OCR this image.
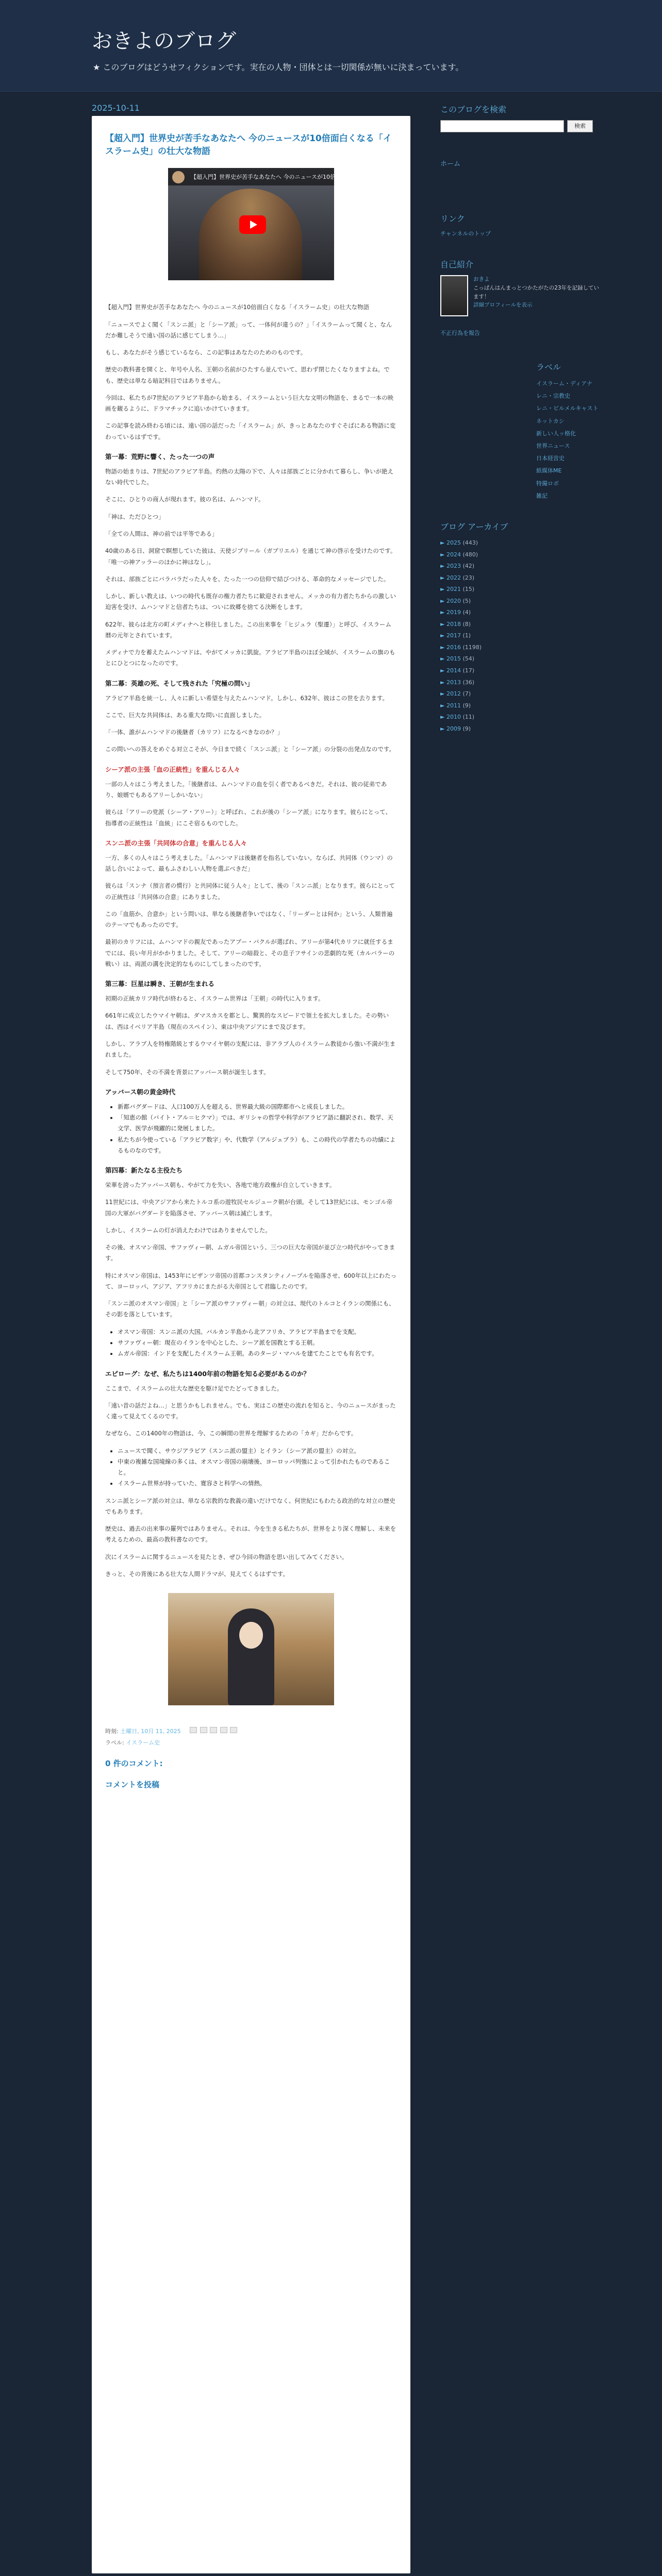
おきよのブログ
★ このブログはどうせフィクションです。実在の人物・団体とは一切関係が無いに決まっています。
2025-10-11
【超入門】世界史が苦手なあなたへ 今のニュースが10倍面白くなる「イスラーム史」の壮大な物語
【超入門】世界史が苦手なあなたへ 今のニュースが10倍面白くなる「イスラーム...

【超入門】世界史が苦手なあなたへ 今のニュースが10倍面白くなる「イスラーム史」の壮大な物語

「ニュースでよく聞く「スンニ派」と「シーア派」って、一体何が違うの？」「イスラームって聞くと、なんだか難しそうで遠い国の話に感じてしまう…」

もし、あなたがそう感じているなら、この記事はあなたのためのものです。

歴史の教科書を開くと、年号や人名、王朝の名前がひたすら並んでいて、思わず閉じたくなりますよね。でも、歴史は単なる暗記科目ではありません。

今回は、私たちが7世紀のアラビア半島から始まる、イスラームという巨大な文明の物語を、まるで一本の映画を観るように、ドラマチックに追いかけていきます。

この記事を読み終わる頃には、遠い国の話だった「イスラーム」が、きっとあなたのすぐそばにある物語に変わっているはずです。

第一幕：荒野に響く、たった一つの声

物語の始まりは、7世紀のアラビア半島。灼熱の太陽の下で、人々は部族ごとに分かれて暮らし、争いが絶えない時代でした。

そこに、ひとりの商人が現れます。彼の名は、ムハンマド。

「神は、ただひとつ」

「全ての人間は、神の前では平等である」

40歳のある日、洞窟で瞑想していた彼は、天使ジブリール（ガブリエル）を通じて神の啓示を受けたのです。「唯一の神アッラーのほかに神はなし」。

それは、部族ごとにバラバラだった人々を、たった一つの信仰で結びつける、革命的なメッセージでした。

しかし、新しい教えは、いつの時代も既存の権力者たちに歓迎されません。メッカの有力者たちからの激しい迫害を受け、ムハンマドと信者たちは、ついに故郷を捨てる決断をします。

622年、彼らは北方の町メディナへと移住しました。この出来事を「ヒジュラ（聖遷）」と呼び、イスラーム暦の元年とされています。

メディナで力を蓄えたムハンマドは、やがてメッカに凱旋。アラビア半島のほぼ全域が、イスラームの旗のもとにひとつになったのです。

第二幕：英雄の死、そして残された「究極の問い」

アラビア半島を統一し、人々に新しい希望を与えたムハンマド。しかし、632年、彼はこの世を去ります。

ここで、巨大な共同体は、ある重大な問いに直面しました。

「一体、誰がムハンマドの後継者（カリフ）になるべきなのか？」

この問いへの答えをめぐる対立こそが、今日まで続く「スンニ派」と「シーア派」の分裂の出発点なのです。

シーア派の主張「血の正統性」を重んじる人々

一部の人々はこう考えました。「後継者は、ムハンマドの血を引く者であるべきだ。それは、彼の従弟であり、娘婿でもあるアリーしかいない」

彼らは「アリーの党派（シーア・アリー）」と呼ばれ、これが後の「シーア派」になります。彼らにとって、指導者の正統性は「血統」にこそ宿るものでした。

スンニ派の主張「共同体の合意」を重んじる人々

一方、多くの人々はこう考えました。「ムハンマドは後継者を指名していない。ならば、共同体（ウンマ）の話し合いによって、最もふさわしい人物を選ぶべきだ」

彼らは「スンナ（預言者の慣行）と共同体に従う人々」として、後の「スンニ派」となります。彼らにとっての正統性は「共同体の合意」にありました。

この「血筋か、合意か」という問いは、単なる後継者争いではなく、「リーダーとは何か」という、人類普遍のテーマでもあったのです。

最初のカリフには、ムハンマドの親友であったアブー・バクルが選ばれ、アリーが第4代カリフに就任するまでには、長い年月がかかりました。そして、アリーの暗殺と、その息子フサインの悲劇的な死（カルバラーの戦い）は、両派の溝を決定的なものにしてしまったのです。

第三幕：巨星は瞬き、王朝が生まれる

初期の正統カリフ時代が終わると、イスラーム世界は「王朝」の時代に入ります。

661年に成立したウマイヤ朝は、ダマスカスを都とし、驚異的なスピードで領土を拡大しました。その勢いは、西はイベリア半島（現在のスペイン）、東は中央アジアにまで及びます。

しかし、アラブ人を特権階級とするウマイヤ朝の支配には、非アラブ人のイスラーム教徒から強い不満が生まれました。

そして750年、その不満を背景にアッバース朝が誕生します。

アッバース朝の黄金時代
• 新都バグダードは、人口100万人を超える、世界最大級の国際都市へと成長しました。
• 「知恵の館（バイト・アル＝ヒクマ）」では、ギリシャの哲学や科学がアラビア語に翻訳され、数学、天文学、医学が飛躍的に発展しました。
• 私たちが今使っている「アラビア数字」や、代数学（アルジェブラ）も、この時代の学者たちの功績によるものなのです。
第四幕：新たなる主役たち

栄華を誇ったアッバース朝も、やがて力を失い、各地で地方政権が自立していきます。

11世紀には、中央アジアから来たトルコ系の遊牧民セルジューク朝が台頭。そして13世紀には、モンゴル帝国の大軍がバグダードを陥落させ、アッバース朝は滅亡します。

しかし、イスラームの灯が消えたわけではありませんでした。

その後、オスマン帝国、サファヴィー朝、ムガル帝国という、三つの巨大な帝国が並び立つ時代がやってきます。

特にオスマン帝国は、1453年にビザンツ帝国の首都コンスタンティノープルを陥落させ、600年以上にわたって、ヨーロッパ、アジア、アフリカにまたがる大帝国として君臨したのです。

「スンニ派のオスマン帝国」と「シーア派のサファヴィー朝」の対立は、現代のトルコとイランの関係にも、その影を落としています。

• オスマン帝国：スンニ派の大国。バルカン半島から北アフリカ、アラビア半島までを支配。
• サファヴィー朝：現在のイランを中心とした、シーア派を国教とする王朝。
• ムガル帝国：インドを支配したイスラーム王朝。あのタージ・マハルを建てたことでも有名です。
エピローグ：なぜ、私たちは1400年前の物語を知る必要があるのか？

ここまで、イスラームの壮大な歴史を駆け足でたどってきました。

「遠い昔の話だよね…」と思うかもしれません。でも、実はこの歴史の流れを知ると、今のニュースがまったく違って見えてくるのです。

なぜなら、この1400年の物語は、今、この瞬間の世界を理解するための「カギ」だからです。

• ニュースで聞く、サウジアラビア（スンニ派の盟主）とイラン（シーア派の盟主）の対立。
• 中東の複雑な国境線の多くは、オスマン帝国の崩壊後、ヨーロッパ列強によって引かれたものであること。
• イスラーム世界が持っていた、寛容さと科学への情熱。

スンニ派とシーア派の対立は、単なる宗教的な教義の違いだけでなく、何世紀にもわたる政治的な対立の歴史でもあります。

歴史は、過去の出来事の羅列ではありません。それは、今を生きる私たちが、世界をより深く理解し、未来を考えるための、最高の教科書なのです。

次にイスラームに関するニュースを見たとき、ぜひ今回の物語を思い出してみてください。

きっと、その背後にある壮大な人間ドラマが、見えてくるはずです。

時刻: 土曜日, 10月 11, 2025
ラベル: イスラーム史
0 件のコメント:
コメントを投稿
このブログを検索
検索
ホーム
リンク
チャンネルのトップ
自己紹介
おきよ
こっぱんはんまっとつかたがたの23年を記録しています！
詳細プロフィールを表示
不正行為を報告
ラベル
イスラーム・ディアナ
レニ・宗教史
レニ・ビルメルキャスト
ネットカシ
新しい人ッ格化
世界ニュース
日本経営史
紙媒体ME
特撮ロボ
雑記
ブログ アーカイブ
► 2025 (443)
► 2024 (480)
► 2023 (42)
► 2022 (23)
► 2021 (15)
► 2020 (5)
► 2019 (4)
► 2018 (8)
► 2017 (1)
► 2016 (1198)
► 2015 (54)
► 2014 (17)
► 2013 (36)
► 2012 (7)
► 2011 (9)
► 2010 (11)
► 2009 (9)
